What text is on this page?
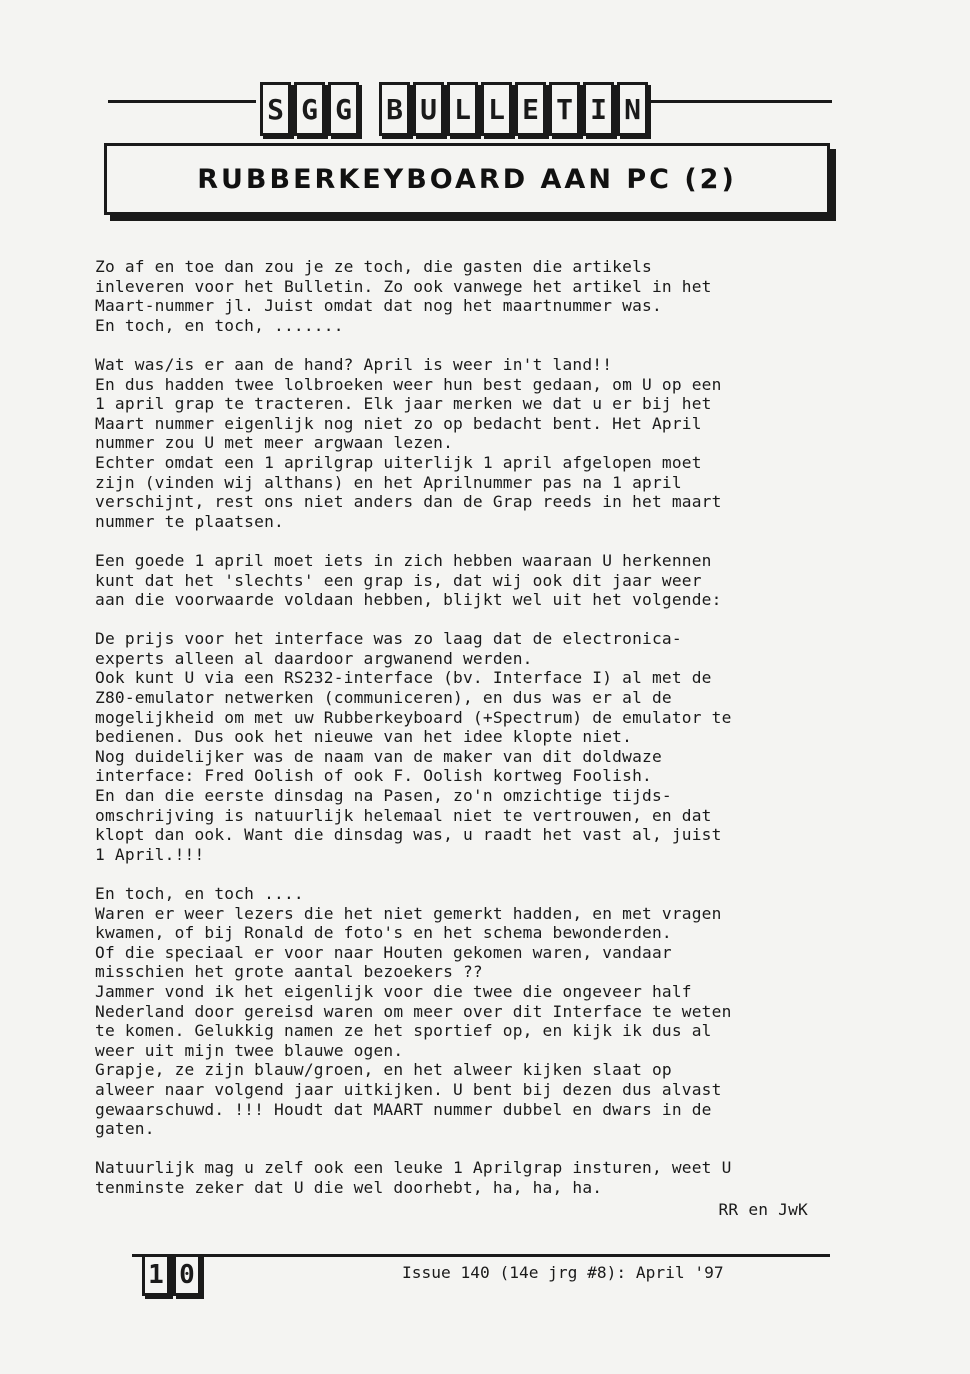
S G G B U L L E T I N
RUBBERKEYBOARD AAN PC (2)
Zo af en toe dan zou je ze toch, die gasten die artikels
inleveren voor het Bulletin. Zo ook vanwege het artikel in het
Maart-nummer jl. Juist omdat dat nog het maartnummer was.
En toch, en toch, .......
Wat was/is er aan de hand? April is weer in't land!!
En dus hadden twee lolbroeken weer hun best gedaan, om U op een
1 april grap te tracteren. Elk jaar merken we dat u er bij het
Maart nummer eigenlijk nog niet zo op bedacht bent. Het April
nummer zou U met meer argwaan lezen.
Echter omdat een 1 aprilgrap uiterlijk 1 april afgelopen moet
zijn (vinden wij althans) en het Aprilnummer pas na 1 april
verschijnt, rest ons niet anders dan de Grap reeds in het maart
nummer te plaatsen.
Een goede 1 april moet iets in zich hebben waaraan U herkennen
kunt dat het 'slechts' een grap is, dat wij ook dit jaar weer
aan die voorwaarde voldaan hebben, blijkt wel uit het volgende:
De prijs voor het interface was zo laag dat de electronica-
experts alleen al daardoor argwanend werden.
Ook kunt U via een RS232-interface (bv. Interface I) al met de
Z80-emulator netwerken (communiceren), en dus was er al de
mogelijkheid om met uw Rubberkeyboard (+Spectrum) de emulator te
bedienen. Dus ook het nieuwe van het idee klopte niet.
Nog duidelijker was de naam van de maker van dit doldwaze
interface: Fred Oolish of ook F. Oolish kortweg Foolish.
En dan die eerste dinsdag na Pasen, zo'n omzichtige tijds-
omschrijving is natuurlijk helemaal niet te vertrouwen, en dat
klopt dan ook. Want die dinsdag was, u raadt het vast al, juist
1 April.!!!
En toch, en toch ....
Waren er weer lezers die het niet gemerkt hadden, en met vragen
kwamen, of bij Ronald de foto's en het schema bewonderden.
Of die speciaal er voor naar Houten gekomen waren, vandaar
misschien het grote aantal bezoekers ??
Jammer vond ik het eigenlijk voor die twee die ongeveer half
Nederland door gereisd waren om meer over dit Interface te weten
te komen. Gelukkig namen ze het sportief op, en kijk ik dus al
weer uit mijn twee blauwe ogen.
Grapje, ze zijn blauw/groen, en het alweer kijken slaat op
alweer naar volgend jaar uitkijken. U bent bij dezen dus alvast
gewaarschuwd. !!! Houdt dat MAART nummer dubbel en dwars in de
gaten.
Natuurlijk mag u zelf ook een leuke 1 Aprilgrap insturen, weet U
tenminste zeker dat U die wel doorhebt, ha, ha, ha.
RR en JwK
1 0	Issue 140 (14e jrg #8): April '97
